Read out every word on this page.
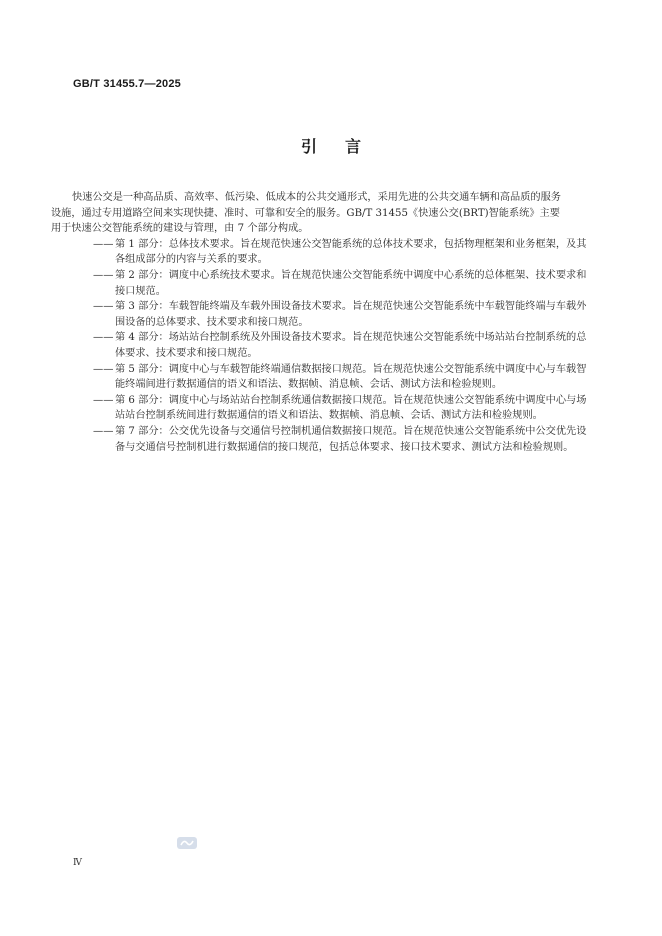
GB/T 31455.7—2025
引言

快速公交是一种高品质、高效率、低污染、低成本的公共交通形式，采用先进的公共交通车辆和高品质的服务设施，通过专用道路空间来实现快捷、准时、可靠和安全的服务。GB/T 31455《快速公交(BRT)智能系统》主要用于快速公交智能系统的建设与管理，由 7 个部分构成。

—— 第 1 部分：总体技术要求。旨在规范快速公交智能系统的总体技术要求，包括物理框架和业务框架，及其各组成部分的内容与关系的要求。
—— 第 2 部分：调度中心系统技术要求。旨在规范快速公交智能系统中调度中心系统的总体框架、技术要求和接口规范。
—— 第 3 部分：车载智能终端及车载外围设备技术要求。旨在规范快速公交智能系统中车载智能终端与车载外围设备的总体要求、技术要求和接口规范。
—— 第 4 部分：场站站台控制系统及外围设备技术要求。旨在规范快速公交智能系统中场站站台控制系统的总体要求、技术要求和接口规范。
—— 第 5 部分：调度中心与车载智能终端通信数据接口规范。旨在规范快速公交智能系统中调度中心与车载智能终端间进行数据通信的语义和语法、数据帧、消息帧、会话、测试方法和检验规则。
—— 第 6 部分：调度中心与场站站台控制系统通信数据接口规范。旨在规范快速公交智能系统中调度中心与场站站台控制系统间进行数据通信的语义和语法、数据帧、消息帧、会话、测试方法和检验规则。
—— 第 7 部分：公交优先设备与交通信号控制机通信数据接口规范。旨在规范快速公交智能系统中公交优先设备与交通信号控制机进行数据通信的接口规范，包括总体要求、接口技术要求、测试方法和检验规则。
Ⅳ
